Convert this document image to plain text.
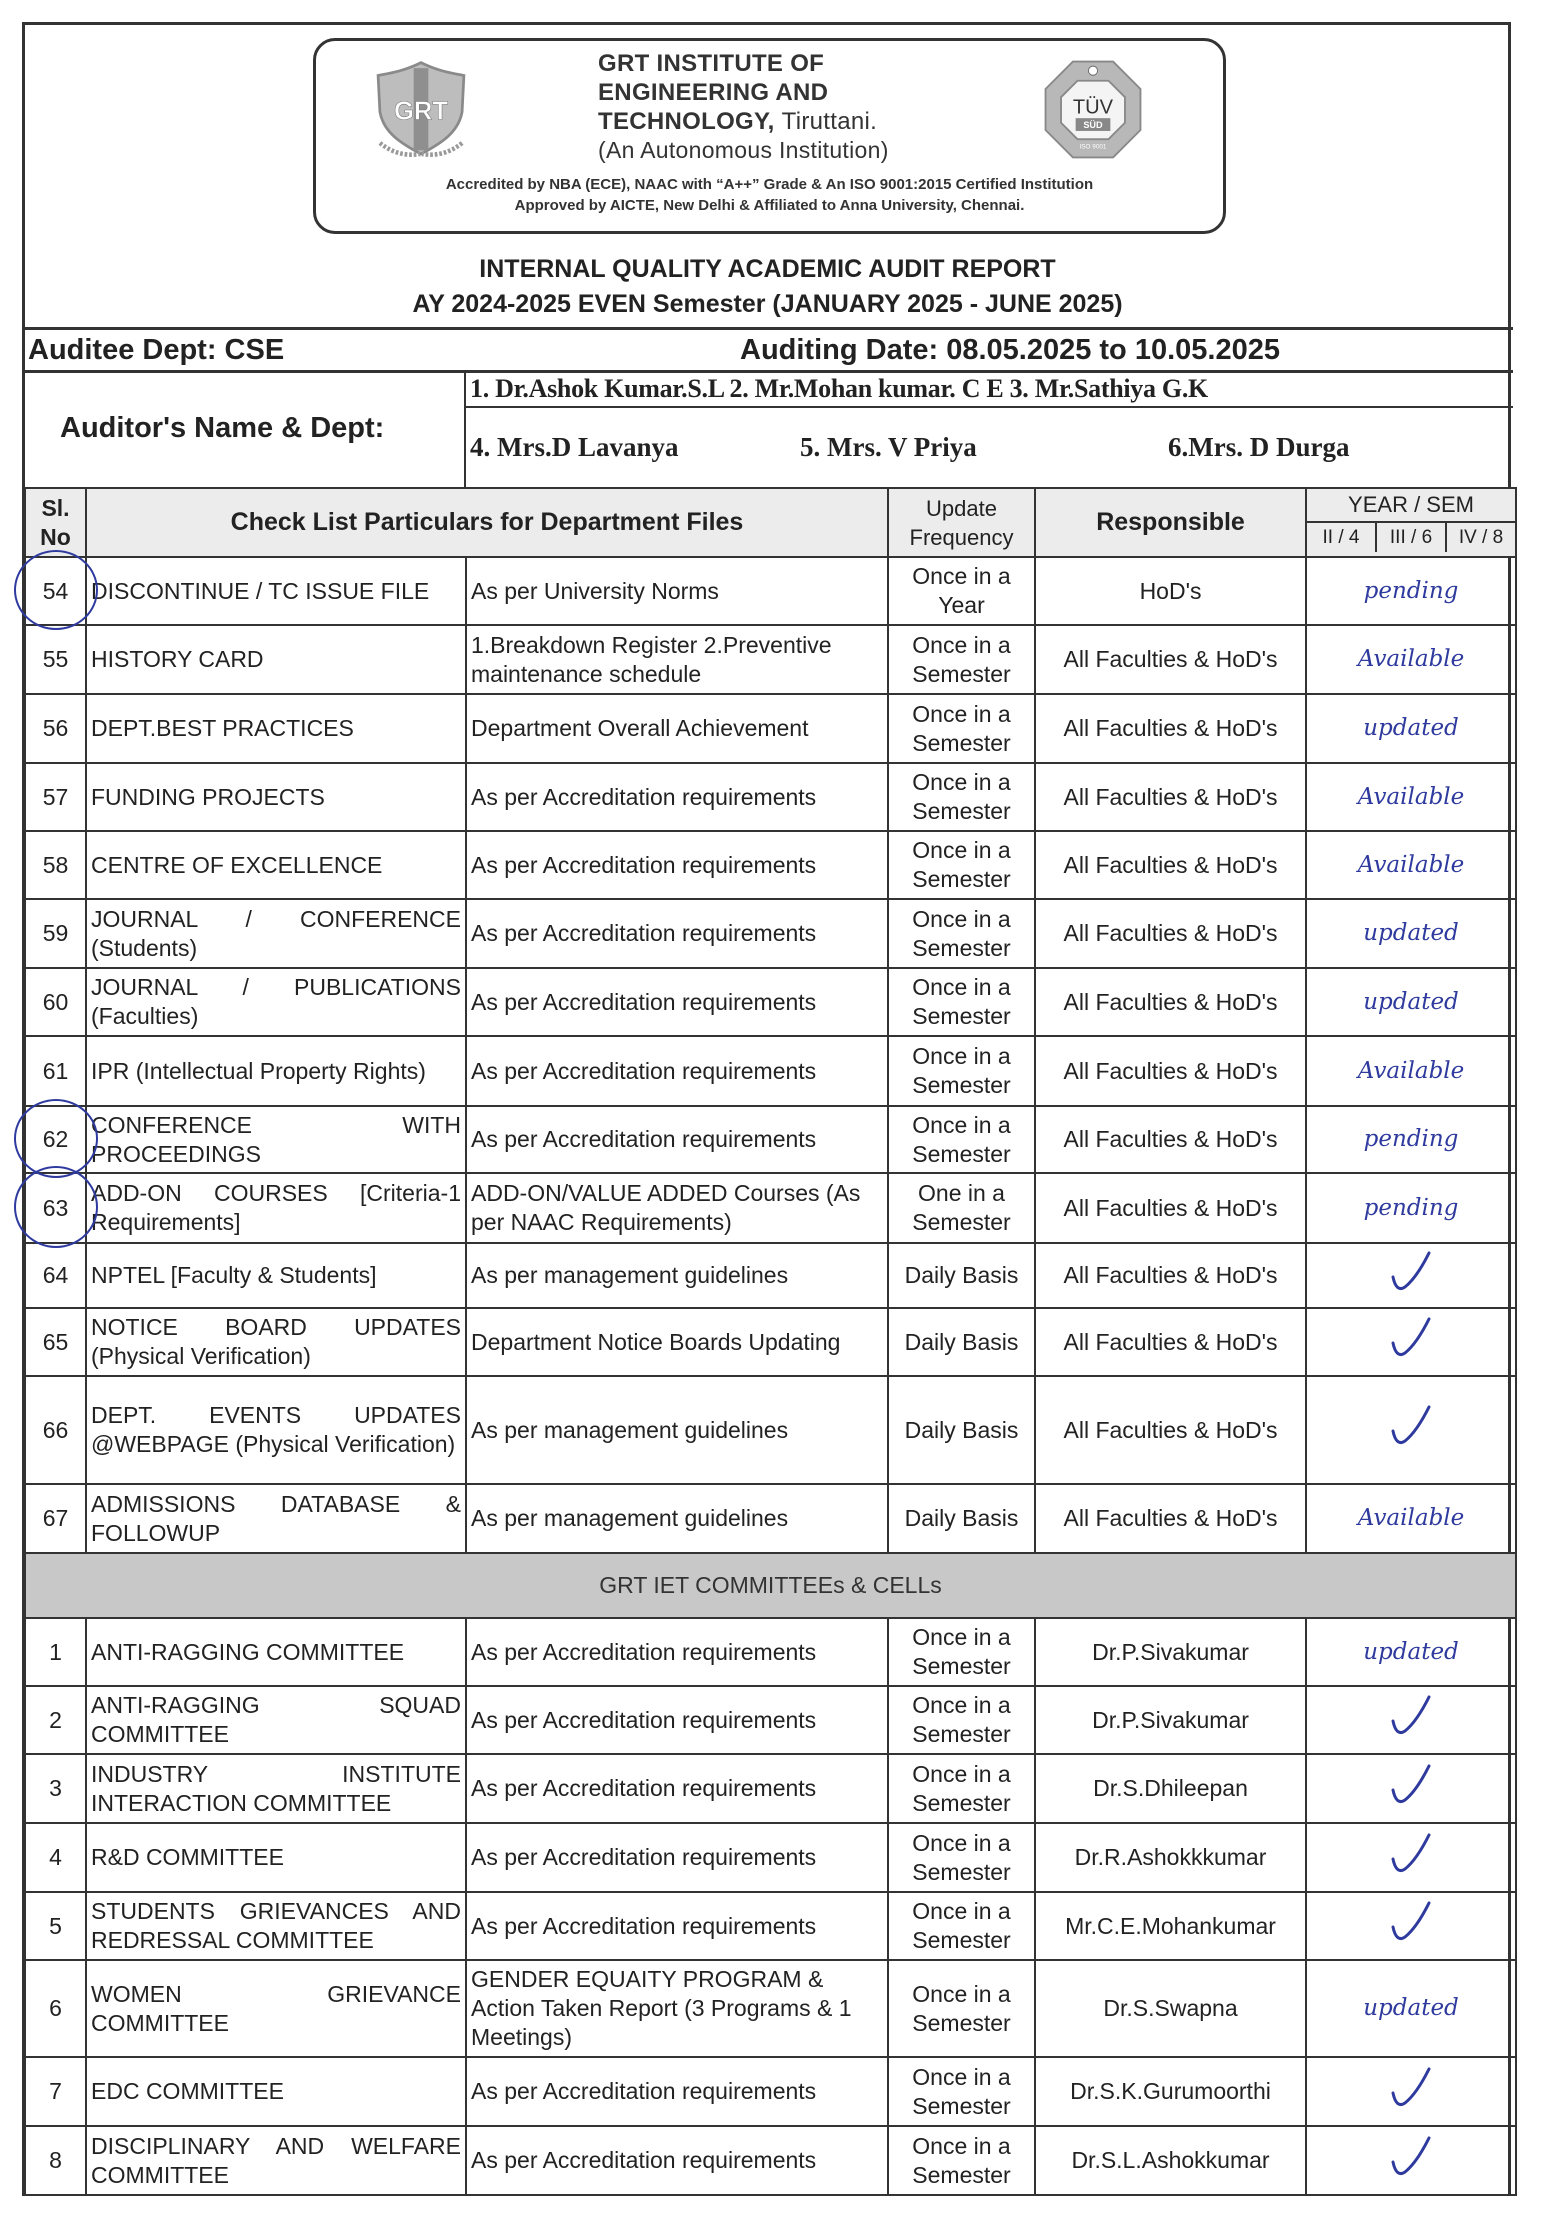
GRT
GRT INSTITUTE OF
ENGINEERING AND
TECHNOLOGY, Tiruttani.
(An Autonomous Institution)
TÜV
SÜD
ISO 9001
Accredited by NBA (ECE), NAAC with “A++” Grade & An ISO 9001:2015 Certified Institution
Approved by AICTE, New Delhi & Affiliated to Anna University, Chennai.
INTERNAL QUALITY ACADEMIC AUDIT REPORT
AY 2024-2025 EVEN Semester (JANUARY 2025 - JUNE 2025)
Auditee Dept: CSE	Auditing Date: 08.05.2025 to 10.05.2025
Auditor's Name & Dept:
1. Dr.Ashok Kumar.S.L 2. Mr.Mohan kumar. C E 3. Mr.Sathiya G.K
4. Mrs.D Lavanya	5. Mrs. V Priya	6.Mrs. D Durga
Sl. No	Check List Particulars for Department Files		Update Frequency	Responsible	YEAR / SEM
II / 4 III / 6 IV / 8

54	DISCONTINUE / TC ISSUE FILE	As per University Norms	Once in a Year	HoD's	pending
55	HISTORY CARD	1.Breakdown Register 2.Preventive maintenance schedule	Once in a Semester	All Faculties & HoD's	Available
56	DEPT.BEST PRACTICES	Department Overall Achievement	Once in a Semester	All Faculties & HoD's	updated
57	FUNDING PROJECTS	As per Accreditation requirements	Once in a Semester	All Faculties & HoD's	Available
58	CENTRE OF EXCELLENCE	As per Accreditation requirements	Once in a Semester	All Faculties & HoD's	Available
59	JOURNAL / CONFERENCE (Students)	As per Accreditation requirements	Once in a Semester	All Faculties & HoD's	updated
60	JOURNAL / PUBLICATIONS (Faculties)	As per Accreditation requirements	Once in a Semester	All Faculties & HoD's	updated
61	IPR (Intellectual Property Rights)	As per Accreditation requirements	Once in a Semester	All Faculties & HoD's	Available
62	CONFERENCE WITH PROCEEDINGS	As per Accreditation requirements	Once in a Semester	All Faculties & HoD's	pending
63	ADD-ON COURSES [Criteria-1 Requirements]	ADD-ON/VALUE ADDED Courses (As per NAAC Requirements)	One in a Semester	All Faculties & HoD's	pending
64	NPTEL [Faculty & Students]	As per management guidelines	Daily Basis	All Faculties & HoD's	
65	NOTICE BOARD UPDATES (Physical Verification)	Department Notice Boards Updating	Daily Basis	All Faculties & HoD's	
66	DEPT. EVENTS UPDATES @WEBPAGE (Physical Verification)	As per management guidelines	Daily Basis	All Faculties & HoD's	
67	ADMISSIONS DATABASE & FOLLOWUP	As per management guidelines	Daily Basis	All Faculties & HoD's	Available
GRT IET COMMITTEEs & CELLs					
1	ANTI-RAGGING COMMITTEE	As per Accreditation requirements	Once in a Semester	Dr.P.Sivakumar	updated
2	ANTI-RAGGING SQUAD COMMITTEE	As per Accreditation requirements	Once in a Semester	Dr.P.Sivakumar	
3	INDUSTRY INSTITUTE INTERACTION COMMITTEE	As per Accreditation requirements	Once in a Semester	Dr.S.Dhileepan	
4	R&D COMMITTEE	As per Accreditation requirements	Once in a Semester	Dr.R.Ashokkkumar	
5	STUDENTS GRIEVANCES AND REDRESSAL COMMITTEE	As per Accreditation requirements	Once in a Semester	Mr.C.E.Mohankumar	
6	WOMEN GRIEVANCE COMMITTEE	GENDER EQUAITY PROGRAM & Action Taken Report (3 Programs & 1 Meetings)	Once in a Semester	Dr.S.Swapna	updated
7	EDC COMMITTEE	As per Accreditation requirements	Once in a Semester	Dr.S.K.Gurumoorthi	
8	DISCIPLINARY AND WELFARE COMMITTEE	As per Accreditation requirements	Once in a Semester	Dr.S.L.Ashokkumar	
